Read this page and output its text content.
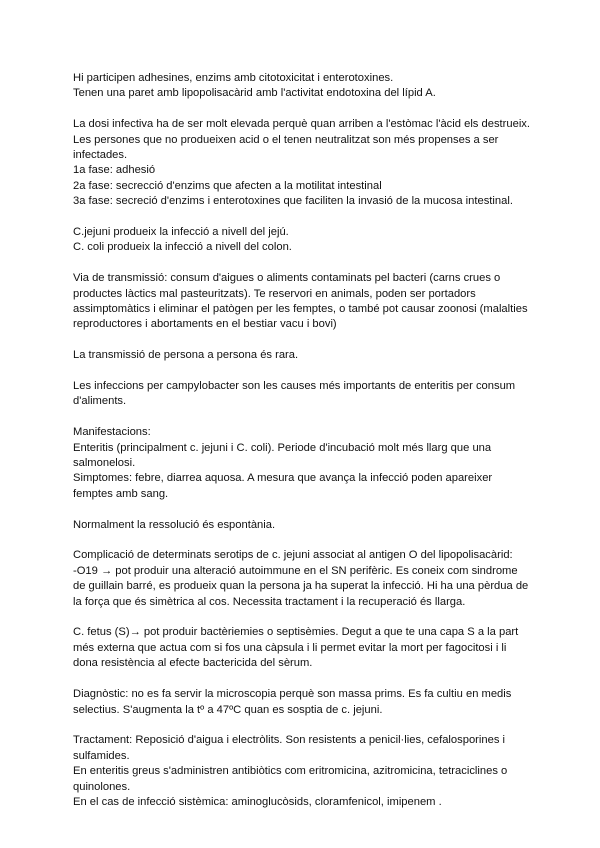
Hi participen adhesines, enzims amb citotoxicitat i enterotoxines.
Tenen una paret amb lipopolisacàrid amb l'activitat endotoxina del lípid A.
La dosi infectiva ha de ser molt elevada perquè quan arriben a l'estòmac l'àcid els destrueix.
Les persones que no produeixen acid o el tenen neutralitzat son més propenses a ser
infectades.
1a fase: adhesió
2a fase: secrecció d'enzims que afecten a la motilitat intestinal
3a fase: secreció d'enzims i enterotoxines que faciliten la invasió de la mucosa intestinal.
C.jejuni produeix la infecció a nivell del jejú.
C. coli produeix la infecció a nivell del colon.
Via de transmissió: consum d'aigues o aliments contaminats pel bacteri (carns crues o
productes làctics mal pasteuritzats). Te reservori en animals, poden ser portadors
assimptomàtics i eliminar el patògen per les femptes, o també pot causar zoonosi (malalties
reproductores i abortaments en el bestiar vacu i bovi)
La transmissió de persona a persona és rara.
Les infeccions per campylobacter son les causes més importants de enteritis per consum
d'aliments.
Manifestacions:
Enteritis (principalment c. jejuni i C. coli). Periode d'incubació molt més llarg que una
salmonelosi.
Simptomes: febre, diarrea aquosa. A mesura que avança la infecció poden apareixer
femptes amb sang.
Normalment la ressolució és espontània.
Complicació de determinats serotips de c. jejuni associat al antigen O del lipopolisacàrid:
-O19 → pot produir una alteració autoimmune en el SN perifèric. Es coneix com sindrome
de guillain barré, es produeix quan la persona ja ha superat la infecció. Hi ha una pèrdua de
la força que és simètrica al cos. Necessita tractament i la recuperació és llarga.
C. fetus (S)→ pot produir bactèriemies o septisèmies. Degut a que te una capa S a la part
més externa que actua com si fos una càpsula i li permet evitar la mort per fagocitosi i li
dona resistència al efecte bactericida del sèrum.
Diagnòstic: no es fa servir la microscopia perquè son massa prims. Es fa cultiu en medis
selectius. S'augmenta la tº a 47ºC quan es sosptia de c. jejuni.
Tractament: Reposició d'aigua i electròlits. Son resistents a penicil·lies, cefalosporines i
sulfamides.
En enteritis greus s'administren antibiòtics com eritromicina, azitromicina, tetraciclines o
quinolones.
En el cas de infecció sistèmica: aminoglucòsids, cloramfenicol, imipenem .
